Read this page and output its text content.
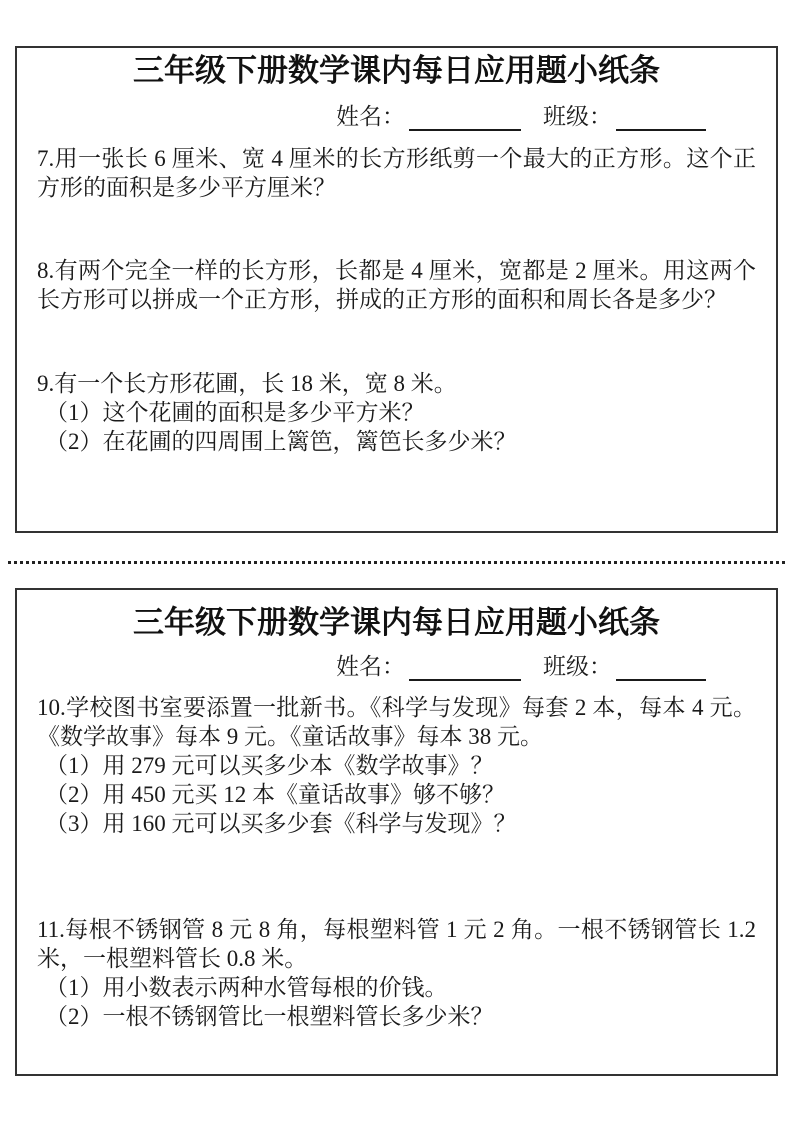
三年级下册数学课内每日应用题小纸条
姓名：	班级：
7.用一张长 6 厘米、宽 4 厘米的长方形纸剪一个最大的正方形。这个正方形的面积是多少平方厘米？
8.有两个完全一样的长方形，长都是 4 厘米，宽都是 2 厘米。用这两个长方形可以拼成一个正方形，拼成的正方形的面积和周长各是多少？
9.有一个长方形花圃，长 18 米，宽 8 米。
（1）这个花圃的面积是多少平方米？
（2）在花圃的四周围上篱笆，篱笆长多少米？
三年级下册数学课内每日应用题小纸条
姓名：	班级：
10.学校图书室要添置一批新书。《科学与发现》每套 2 本，每本 4 元。《数学故事》每本 9 元。《童话故事》每本 38 元。
（1）用 279 元可以买多少本《数学故事》？
（2）用 450 元买 12 本《童话故事》够不够？
（3）用 160 元可以买多少套《科学与发现》？
11.每根不锈钢管 8 元 8 角，每根塑料管 1 元 2 角。一根不锈钢管长 1.2 米，一根塑料管长 0.8 米。
（1）用小数表示两种水管每根的价钱。
（2）一根不锈钢管比一根塑料管长多少米？
